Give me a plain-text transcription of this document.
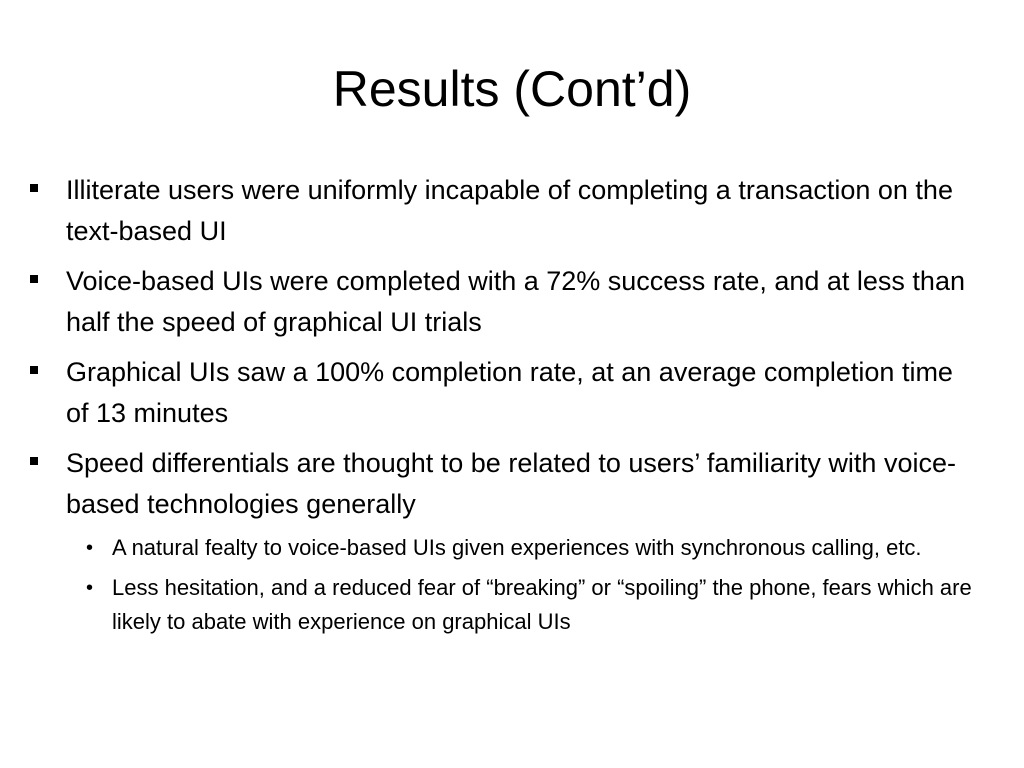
Results (Cont’d)
Illiterate users were uniformly incapable of completing a transaction on the text-based UI
Voice-based UIs were completed with a 72% success rate, and at less than half the speed of graphical UI trials
Graphical UIs saw a 100% completion rate, at an average completion time of 13 minutes
Speed differentials are thought to be related to users’ familiarity with voice-based technologies generally
• A natural fealty to voice-based UIs given experiences with synchronous calling, etc.
• Less hesitation, and a reduced fear of “breaking” or “spoiling” the phone, fears which are likely to abate with experience on graphical UIs
